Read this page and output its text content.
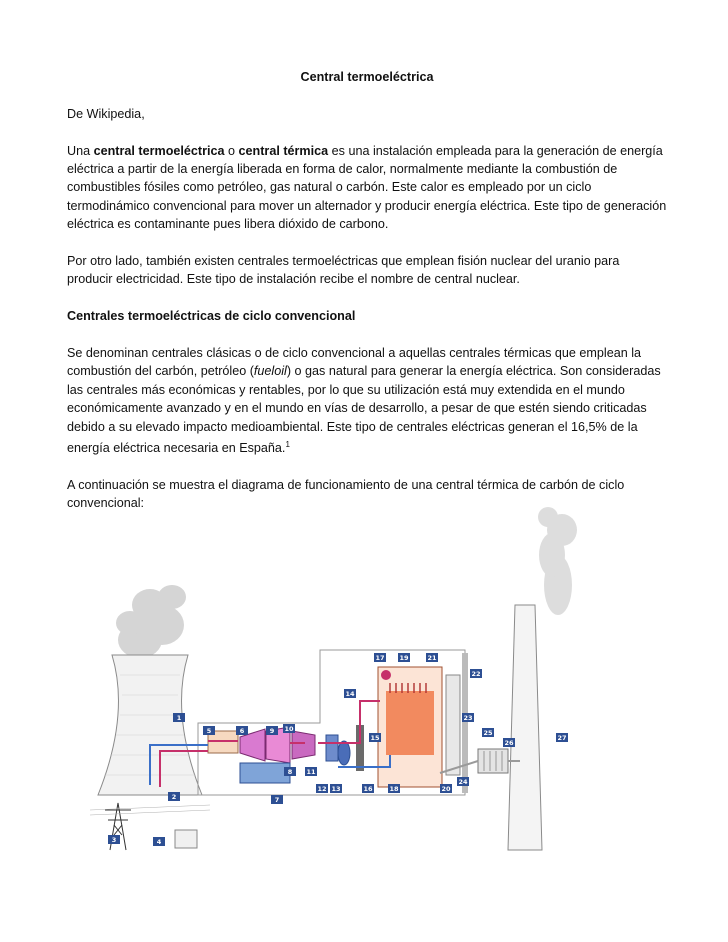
Central termoeléctrica

De Wikipedia,

Una central termoeléctrica o central térmica es una instalación empleada para la generación de energía eléctrica a partir de la energía liberada en forma de calor, normalmente mediante la combustión de combustibles fósiles como petróleo, gas natural o carbón. Este calor es empleado por un ciclo termodinámico convencional para mover un alternador y producir energía eléctrica. Este tipo de generación eléctrica es contaminante pues libera dióxido de carbono.

Por otro lado, también existen centrales termoeléctricas que emplean fisión nuclear del uranio para producir electricidad. Este tipo de instalación recibe el nombre de central nuclear.

Centrales termoeléctricas de ciclo convencional

Se denominan centrales clásicas o de ciclo convencional a aquellas centrales térmicas que emplean la combustión del carbón, petróleo (fueloil) o gas natural para generar la energía eléctrica. Son consideradas las centrales más económicas y rentables, por lo que su utilización está muy extendida en el mundo económicamente avanzado y en el mundo en vías de desarrollo, a pesar de que estén siendo criticadas debido a su elevado impacto medioambiental. Este tipo de centrales eléctricas generan el 16,5% de la energía eléctrica necesaria en España.$^1$

A continuación se muestra el diagrama de funcionamiento de una central térmica de carbón de ciclo convencional:

1
2
3	4
5	6
7
8
9 10
11
12 13
14
15
16
17
18
19
20
21
22
23
24
25
26
27
